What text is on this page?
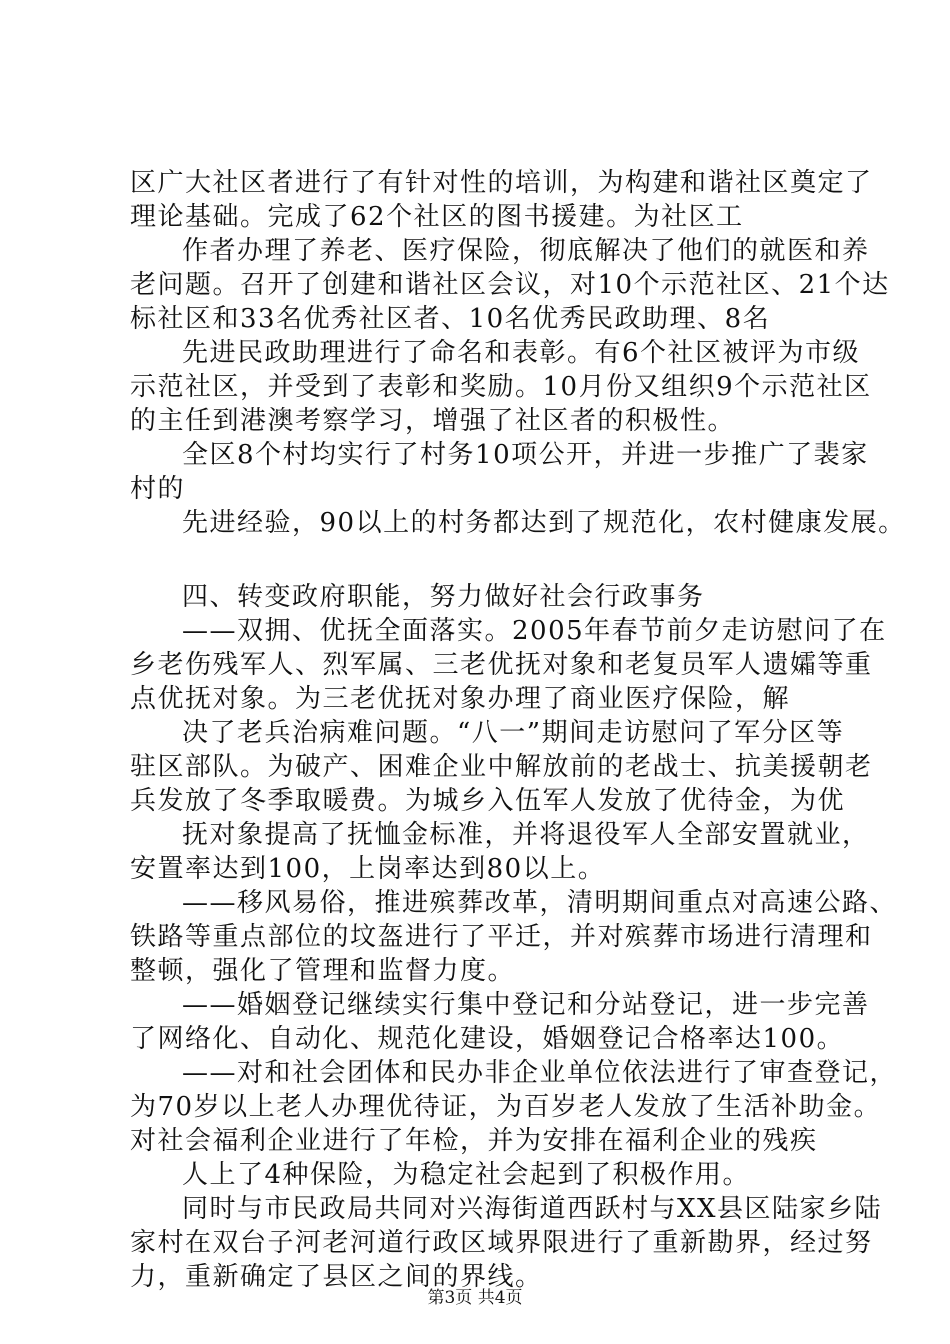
区广大社区者进行了有针对性的培训，为构建和谐社区奠定了
理论基础。完成了62个社区的图书援建。为社区工
作者办理了养老、医疗保险，彻底解决了他们的就医和养
老问题。召开了创建和谐社区会议，对10个示范社区、21个达
标社区和33名优秀社区者、10名优秀民政助理、8名
先进民政助理进行了命名和表彰。有6个社区被评为市级
示范社区，并受到了表彰和奖励。10月份又组织9个示范社区
的主任到港澳考察学习，增强了社区者的积极性。
全区8个村均实行了村务10项公开，并进一步推广了裴家
村的
先进经验，90以上的村务都达到了规范化，农村健康发展。
四、转变政府职能，努力做好社会行政事务
——双拥、优抚全面落实。2005年春节前夕走访慰问了在
乡老伤残军人、烈军属、三老优抚对象和老复员军人遗孀等重
点优抚对象。为三老优抚对象办理了商业医疗保险，解
决了老兵治病难问题。“八一”期间走访慰问了军分区等
驻区部队。为破产、困难企业中解放前的老战士、抗美援朝老
兵发放了冬季取暖费。为城乡入伍军人发放了优待金，为优
抚对象提高了抚恤金标准，并将退役军人全部安置就业，
安置率达到100，上岗率达到80以上。
——移风易俗，推进殡葬改革，清明期间重点对高速公路、
铁路等重点部位的坟盔进行了平迁，并对殡葬市场进行清理和
整顿，强化了管理和监督力度。
——婚姻登记继续实行集中登记和分站登记，进一步完善
了网络化、自动化、规范化建设，婚姻登记合格率达100。
——对和社会团体和民办非企业单位依法进行了审查登记，
为70岁以上老人办理优待证，为百岁老人发放了生活补助金。
对社会福利企业进行了年检，并为安排在福利企业的残疾
人上了4种保险，为稳定社会起到了积极作用。
同时与市民政局共同对兴海街道西跃村与XX县区陆家乡陆
家村在双台子河老河道行政区域界限进行了重新勘界，经过努
力，重新确定了县区之间的界线。
第3页 共4页
